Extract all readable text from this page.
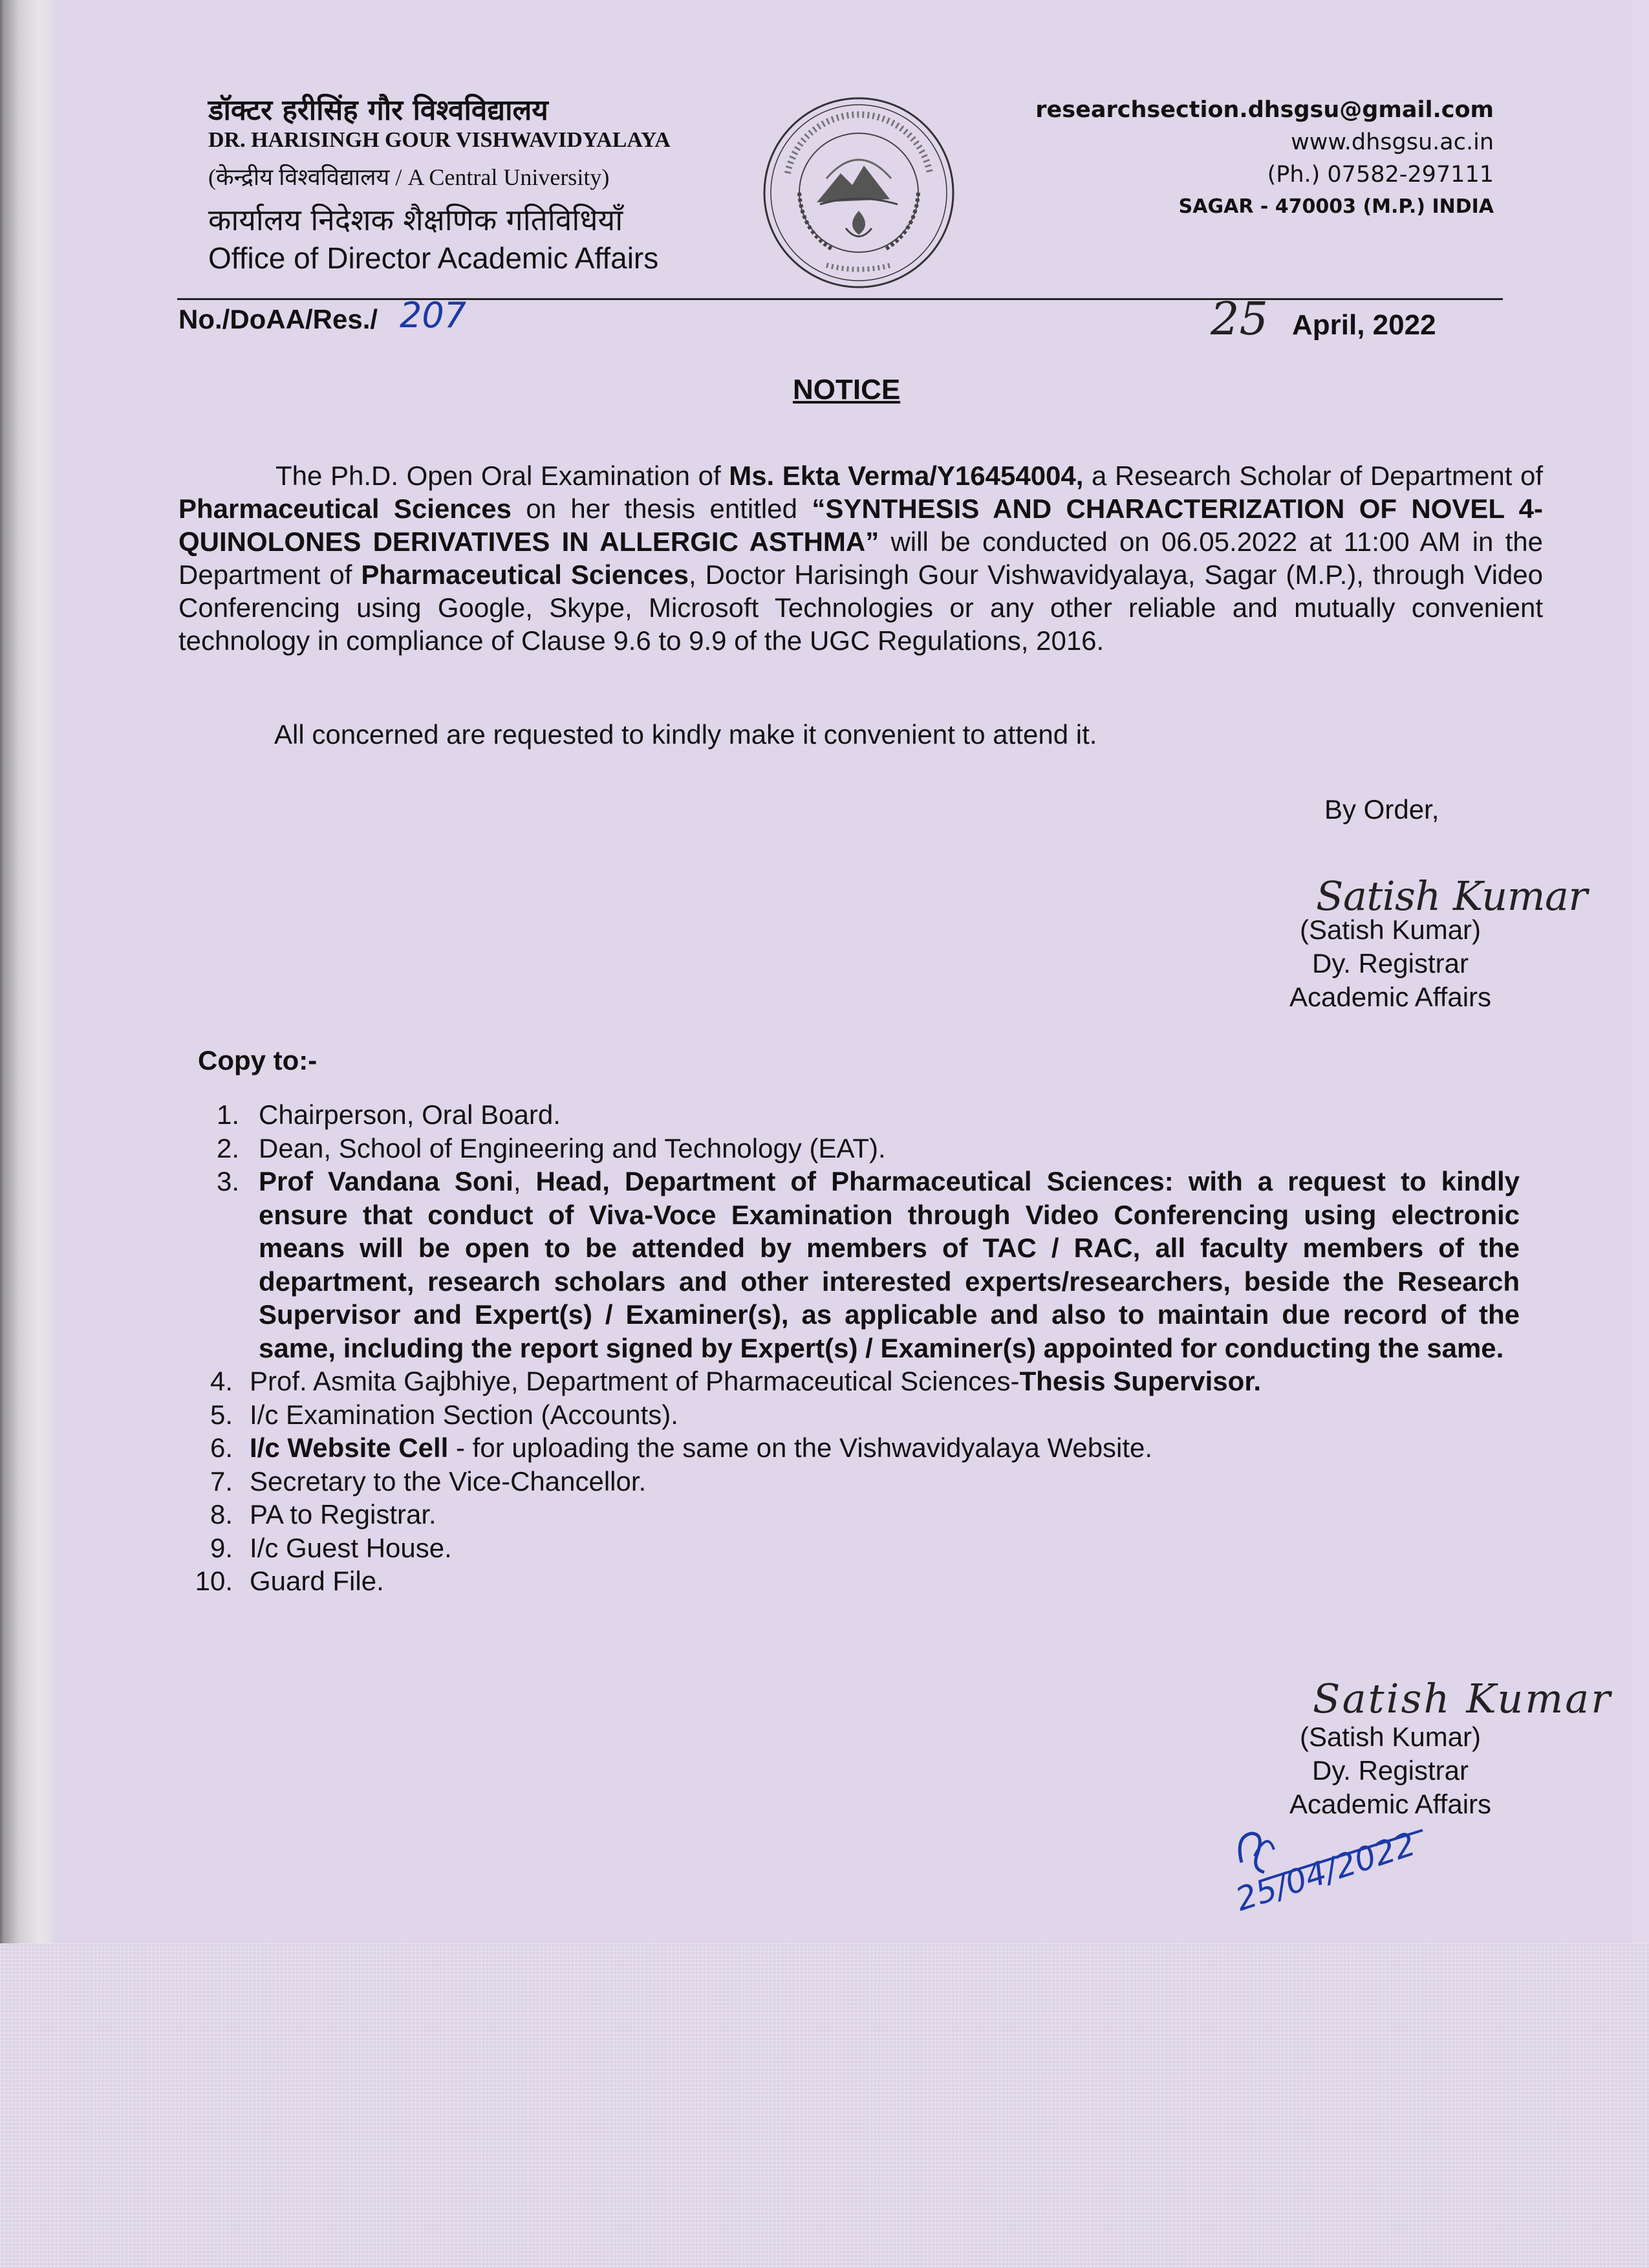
डॉक्टर हरीसिंह गौर विश्वविद्यालय
DR. HARISINGH GOUR VISHWAVIDYALAYA
(केन्द्रीय विश्वविद्यालय / A Central University)
कार्यालय निदेशक शैक्षणिक गतिविधियाँ
Office of Director Academic Affairs
researchsection.dhsgsu@gmail.com
www.dhsgsu.ac.in
(Ph.) 07582-297111
SAGAR - 470003 (M.P.) INDIA
No./DoAA/Res./ 207	25 April, 2022
NOTICE
The Ph.D. Open Oral Examination of Ms. Ekta Verma/Y16454004, a Research Scholar of Department of Pharmaceutical Sciences on her thesis entitled “SYNTHESIS AND CHARACTERIZATION OF NOVEL 4-QUINOLONES DERIVATIVES IN ALLERGIC ASTHMA” will be conducted on 06.05.2022 at 11:00 AM in the Department of Pharmaceutical Sciences, Doctor Harisingh Gour Vishwavidyalaya, Sagar (M.P.), through Video Conferencing using Google, Skype, Microsoft Technologies or any other reliable and mutually convenient technology in compliance of Clause 9.6 to 9.9 of the UGC Regulations, 2016.
All concerned are requested to kindly make it convenient to attend it.
By Order,
Satish Kumar
(Satish Kumar)
Dy. Registrar
Academic Affairs
Copy to:-
1. Chairperson, Oral Board.
2. Dean, School of Engineering and Technology (EAT).
3. Prof Vandana Soni, Head, Department of Pharmaceutical Sciences: with a request to kindly ensure that conduct of Viva-Voce Examination through Video Conferencing using electronic means will be open to be attended by members of TAC / RAC, all faculty members of the department, research scholars and other interested experts/researchers, beside the Research Supervisor and Expert(s) / Examiner(s), as applicable and also to maintain due record of the same, including the report signed by Expert(s) / Examiner(s) appointed for conducting the same.
4. Prof. Asmita Gajbhiye, Department of Pharmaceutical Sciences-Thesis Supervisor.
5. I/c Examination Section (Accounts).
6. I/c Website Cell - for uploading the same on the Vishwavidyalaya Website.
7. Secretary to the Vice-Chancellor.
8. PA to Registrar.
9. I/c Guest House.
10. Guard File.
Satish Kumar
(Satish Kumar)
Dy. Registrar
Academic Affairs
25/04/2022
